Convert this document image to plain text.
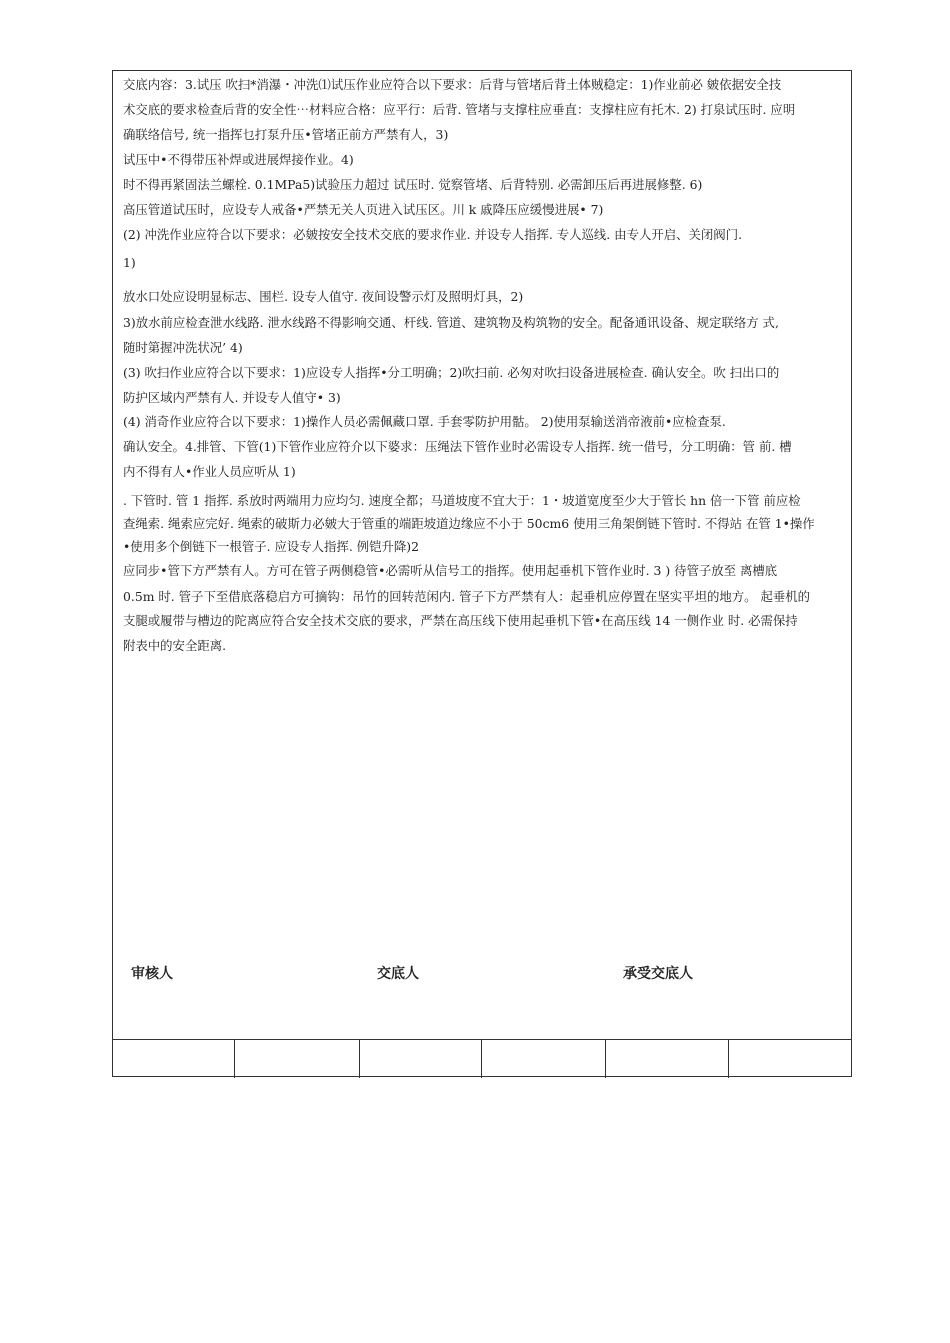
交底内容：3.试压 吹扫*消瀑・冲洗⑴试压作业应符合以下要求：后背与管堵后背土体贼稳定：1)作业前必 皴依据安全技
术交底的要求检查后背的安全性⋯材料应合格：应平行：后背. 管堵与支撑柱应垂直：支撑柱应有托木. 2) 打泉试压时. 应明
确联络信号, 统一指挥乜打泵升压•管堵正前方严禁有人，3)
试压中•不得带压补焊或进展焊接作业。4)
时不得再紧固法兰螺栓. 0.1MPa5)试验压力超过 试压时. 觉察管堵、后背特别. 必需卸压后再进展修整. 6)
高压管道试压时，应设专人戒备•严禁无关人页进入试压区。川 k 戚降压应缓慢进展• 7)
(2) 冲洗作业应符合以下要求：必皴按安全技术交底的要求作业. 并设专人指挥. 专人巡线. 由专人开启、关闭阀门.
1)
放水口处应设明显标志、围栏. 设专人值守. 夜间设警示灯及照明灯具，2)
3)放水前应检查泄水线路. 泄水线路不得影响交通、杆线. 管道、建筑物及构筑物的安全。配备通讯设备、规定联络方 式,
随时第握冲洗状况’ 4)
(3) 吹扫作业应符合以下要求：1)应设专人指挥•分工明确；2)吹扫前. 必匆对吹扫设备进展检查. 确认安全。吹 扫出口的
防护区域内严禁有人. 并设专人值守• 3)
(4) 消奇作业应符合以下要求：1)操作人员必需佩藏口罩. 手套零防护用骷。 2)使用泵输送消帝液前•应检查泵.
确认安全。4.排管、下管(1)下管作业应符介以下婆求：压绳法下管作业时必需设专人指挥. 统一借号，分工明确：管 前. 槽
内不得有人•作业人员应听从 1)
. 下管时. 管 1 指挥. 系放时两端用力应均匀. 速度全都；马道坡度不宜大于：1・坡道宽度至少大于管长 hn 倍一下管 前应检
查绳索. 绳索应完好. 绳索的破斯力必皴大于管重的端距坡道边缘应不小于 50cm6 使用三角架倒链下管时. 不得站 在管 1•操作
•使用多个倒链下一根管子. 应设专人指挥. 例铠升降)2
应同步•管下方严禁有人。方可在管子两侧稳管•必需听从信号工的指挥。使用起垂机下管作业时. 3 ) 待管子放至 离槽底
0.5m 时. 管子下至借底落稳启方可摘钩：吊竹的回转范闲内. 管子下方严禁有人：起垂机应停置在坚实平坦的地方。 起垂机的
支腿或履带与槽边的陀离应符合安全技术交底的要求，严禁在高压线下使用起垂机下管•在高压线 14 一侧作业 时. 必需保持
附表中的安全距离.
审核人	交底人	承受交底人
